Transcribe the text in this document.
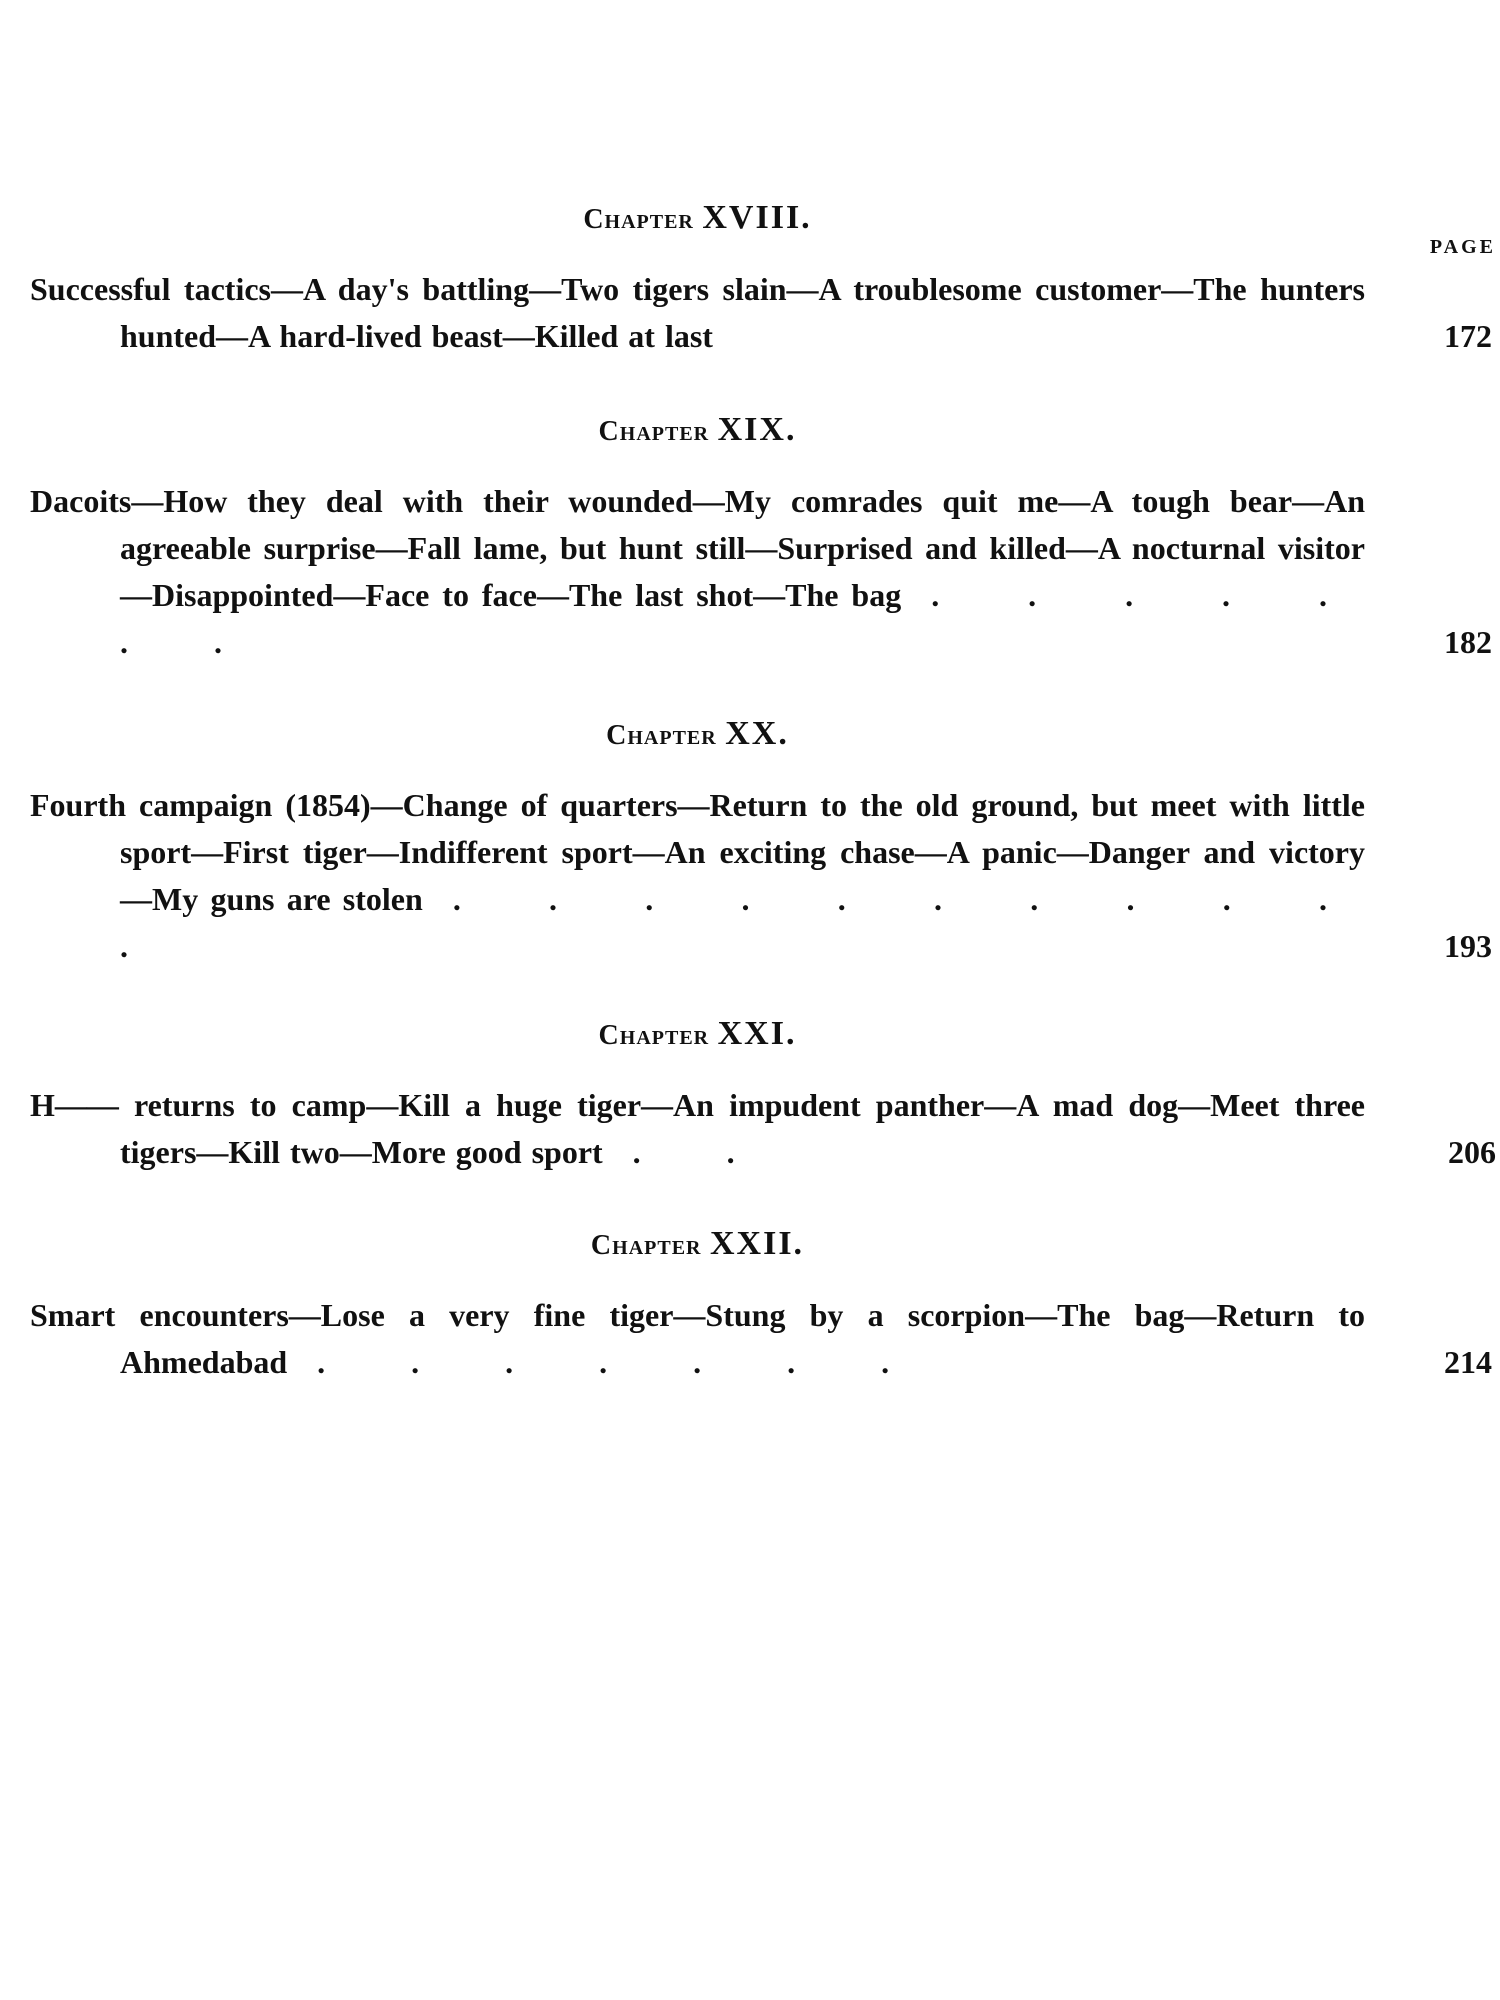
PAGE
Chapter XVIII.
Successful tactics—A day's battling—Two tigers slain—A troublesome customer—The hunters hunted—A hard-lived beast—Killed at last	172
Chapter XIX.
Dacoits—How they deal with their wounded—My comrades quit me—A tough bear—An agreeable surprise—Fall lame, but hunt still—Surprised and killed—A nocturnal visitor—Disappointed—Face to face—The last shot—The bag . . . . . . .	182
Chapter XX.
Fourth campaign (1854)—Change of quarters—Return to the old ground, but meet with little sport—First tiger—Indifferent sport—An exciting chase—A panic—Danger and victory—My guns are stolen . . . . . . . . . . .	193
Chapter XXI.
H—— returns to camp—Kill a huge tiger—An impudent panther—A mad dog—Meet three tigers—Kill two—More good sport . .	206
Chapter XXII.
Smart encounters—Lose a very fine tiger—Stung by a scorpion—The bag—Return to Ahmedabad . . . . . . .	214
